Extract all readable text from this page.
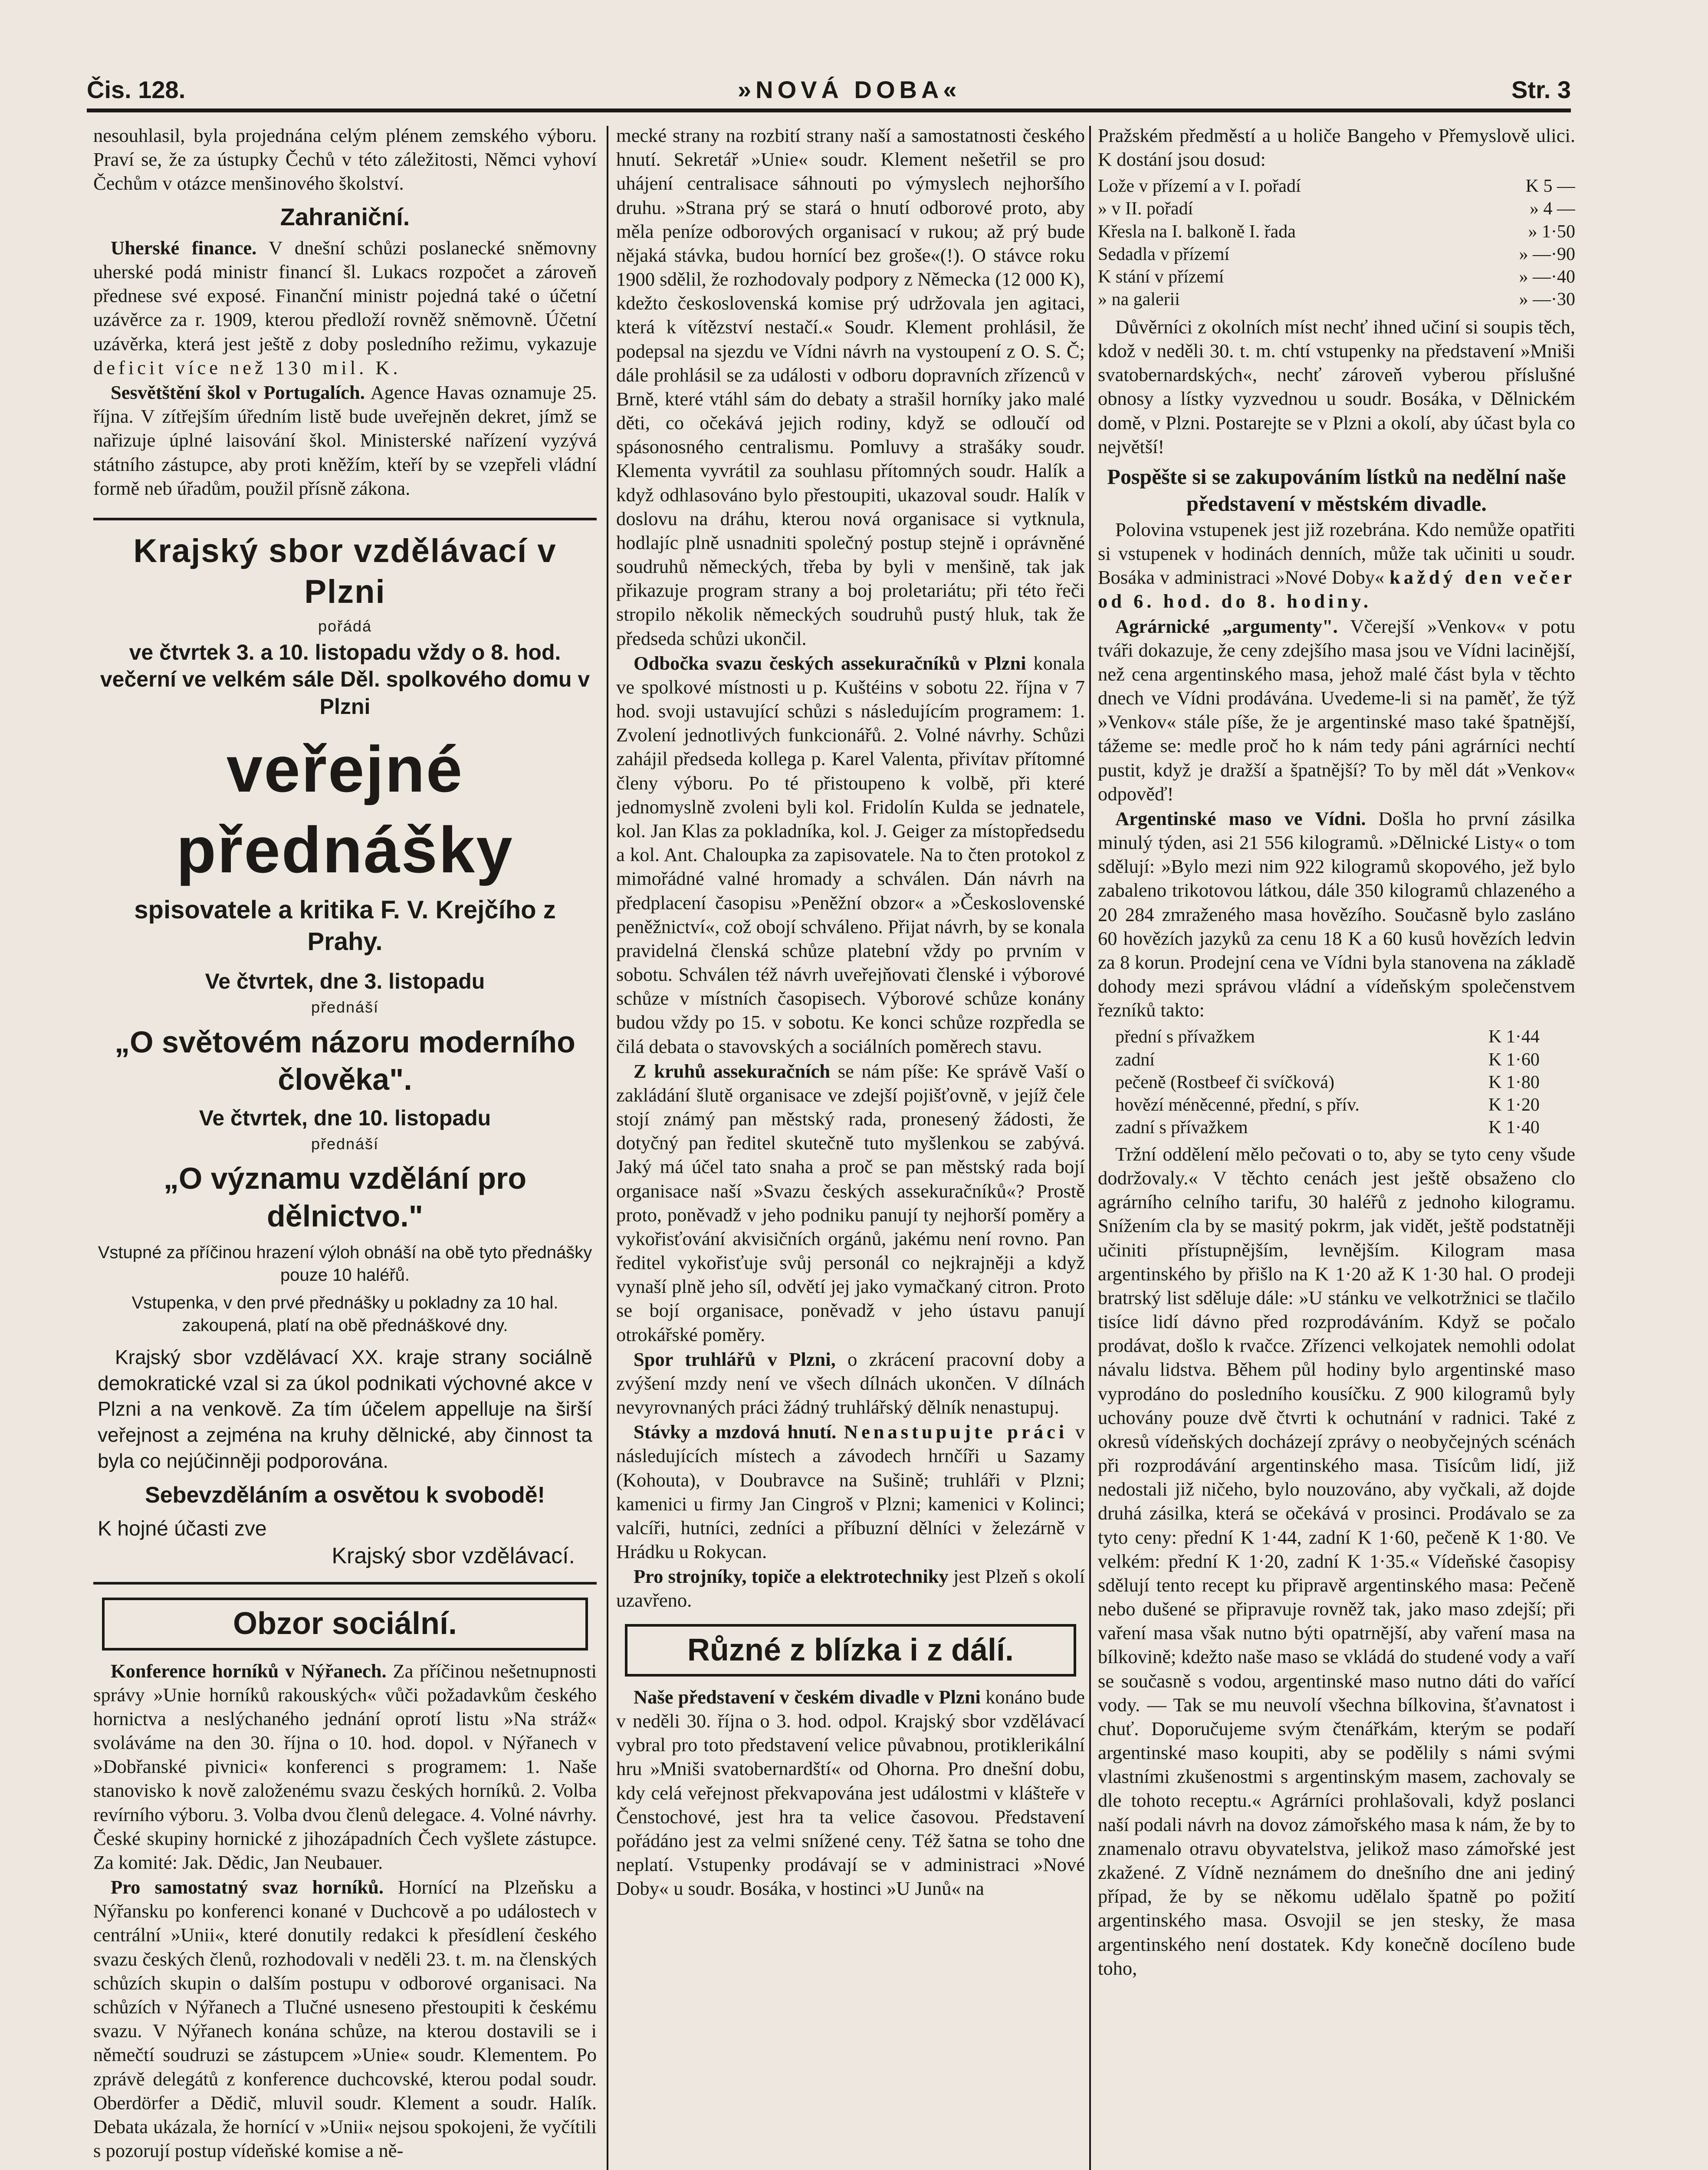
Čis. 128.	»NOVÁ DOBA«	Str. 3

nesouhlasil, byla projednána celým plénem zemského výboru. Praví se, že za ústupky Čechů v této záležitosti, Němci vyhoví Čechům v otázce menšinového školství.

Zahraniční.

Uherské finance. V dnešní schůzi poslanecké sněmovny uherské podá ministr financí šl. Lukacs rozpočet a zároveň přednese své exposé. Finanční ministr pojedná také o účetní uzávěrce za r. 1909, kterou předloží rovněž sněmovně. Účetní uzávěrka, která jest ještě z doby posledního režimu, vykazuje deficit více než 130 mil. K.

Sesvětštění škol v Portugalích. Agence Havas oznamuje 25. října. V zítřejším úředním listě bude uveřejněn dekret, jímž se nařizuje úplné laisování škol. Ministerské nařízení vyzývá státního zástupce, aby proti kněžím, kteří by se vzepřeli vládní formě neb úřadům, použil přísně zákona.

Krajský sbor vzdělávací v Plzni
pořádá
ve čtvrtek 3. a 10. listopadu vždy o 8. hod. večerní ve velkém sále Děl. spolkového domu v Plzni
veřejné přednášky
spisovatele a kritika F. V. Krejčího z Prahy.
Ve čtvrtek, dne 3. listopadu
přednáší
„O světovém názoru moderního člověka".
Ve čtvrtek, dne 10. listopadu
přednáší
„O významu vzdělání pro dělnictvo."
Vstupné za příčinou hrazení výloh obnáší na obě tyto přednášky pouze 10 haléřů.
Vstupenka, v den prvé přednášky u pokladny za 10 hal. zakoupená, platí na obě přednáškové dny.
Krajský sbor vzdělávací XX. kraje strany sociálně demokratické vzal si za úkol podnikati výchovné akce v Plzni a na venkově. Za tím účelem appelluje na širší veřejnost a zejména na kruhy dělnické, aby činnost ta byla co nejúčinněji podporována.
Sebevzděláním a osvětou k svobodě!
K hojné účasti zve
Krajský sbor vzdělávací.
Obzor sociální.

Konference horníků v Nýřanech. Za příčinou nešetnupnosti správy »Unie horníků rakouských« vůči požadavkům českého hornictva a neslýchaného jednání oprotí listu »Na stráž« svoláváme na den 30. října o 10. hod. dopol. v Nýřanech v »Dobřanské pivnici« konferenci s programem: 1. Naše stanovisko k nově založenému svazu českých horníků. 2. Volba revírního výboru. 3. Volba dvou členů delegace. 4. Volné návrhy. České skupiny hornické z jihozápadních Čech vyšlete zástupce. Za komité: Jak. Dědic, Jan Neubauer.

Pro samostatný svaz horníků. Hornící na Plzeňsku a Nýřansku po konferenci konané v Duchcově a po událostech v centrální »Unii«, které donutily redakci k přesídlení českého svazu českých členů, rozhodovali v neděli 23. t. m. na členských schůzích skupin o dalším postupu v odborové organisaci. Na schůzích v Nýřanech a Tlučné usneseno přestoupiti k českému svazu. V Nýřanech konána schůze, na kterou dostavili se i němečtí soudruzi se zástupcem »Unie« soudr. Klementem. Po zprávě delegátů z konference duchcovské, kterou podal soudr. Oberdörfer a Dědič, mluvil soudr. Klement a soudr. Halík. Debata ukázala, že hornící v »Unii« nejsou spokojeni, že vyčítili s pozorují postup vídeňské komise a ně-

mecké strany na rozbití strany naší a samostatnosti českého hnutí. Sekretář »Unie« soudr. Klement nešetřil se pro uhájení centralisace sáhnouti po výmyslech nejhoršího druhu. »Strana prý se stará o hnutí odborové proto, aby měla peníze odborových organisací v rukou; až prý bude nějaká stávka, budou hornící bez groše«(!). O stávce roku 1900 sdělil, že rozhodovaly podpory z Německa (12 000 K), kdežto československá komise prý udržovala jen agitaci, která k vítězství nestačí.« Soudr. Klement prohlásil, že podepsal na sjezdu ve Vídni návrh na vystoupení z O. S. Č; dále prohlásil se za události v odboru dopravních zřízenců v Brně, které vtáhl sám do debaty a strašil horníky jako malé děti, co očekává jejich rodiny, když se odloučí od spásonosného centralismu. Pomluvy a strašáky soudr. Klementa vyvrátil za souhlasu přítomných soudr. Halík a když odhlasováno bylo přestoupiti, ukazoval soudr. Halík v doslovu na dráhu, kterou nová organisace si vytknula, hodlajíc plně usnadniti společný postup stejně i oprávněné soudruhů německých, třeba by byli v menšině, tak jak přikazuje program strany a boj proletariátu; při této řeči stropilo několik německých soudruhů pustý hluk, tak že předseda schůzi ukončil.

Odbočka svazu českých assekuračníků v Plzni konala ve spolkové místnosti u p. Kuštéins v sobotu 22. října v 7 hod. svoji ustavující schůzi s následujícím programem: 1. Zvolení jednotlivých funkcionářů. 2. Volné návrhy. Schůzi zahájil předseda kollega p. Karel Valenta, přivítav přítomné členy výboru. Po té přistoupeno k volbě, při které jednomyslně zvoleni byli kol. Fridolín Kulda se jednatele, kol. Jan Klas za pokladníka, kol. J. Geiger za místopředsedu a kol. Ant. Chaloupka za zapisovatele. Na to čten protokol z mimořádné valné hromady a schválen. Dán návrh na předplacení časopisu »Peněžní obzor« a »Československé peněžnictví«, což obojí schváleno. Přijat návrh, by se konala pravidelná členská schůze platební vždy po prvním v sobotu. Schválen též návrh uveřejňovati členské i výborové schůze v místních časopisech. Výborové schůze konány budou vždy po 15. v sobotu. Ke konci schůze rozpředla se čilá debata o stavovských a sociálních poměrech stavu.

Z kruhů assekuračních se nám píše: Ke správě Vaší o zakládání šlutě organisace ve zdejší pojišťovně, v jejíž čele stojí známý pan městský rada, pronesený žádosti, že dotyčný pan ředitel skutečně tuto myšlenkou se zabývá. Jaký má účel tato snaha a proč se pan městský rada bojí organisace naší »Svazu českých assekuračníků«? Prostě proto, poněvadž v jeho podniku panují ty nejhorší poměry a vykořisťování akvisičních orgánů, jakému není rovno. Pan ředitel vykořisťuje svůj personál co nejkrajněji a když vynaší plně jeho síl, odvětí jej jako vymačkaný citron. Proto se bojí organisace, poněvadž v jeho ústavu panují otrokářské poměry.

Spor truhlářů v Plzni, o zkrácení pracovní doby a zvýšení mzdy není ve všech dílnách ukončen. V dílnách nevyrovnaných práci žádný truhlářský dělník nenastupuj.

Stávky a mzdová hnutí. Nenastupujte práci v následujících místech a závodech hrnčíři u Sazamy (Kohouta), v Doubravce na Sušině; truhláři v Plzni; kamenici u firmy Jan Cingroš v Plzni; kamenici v Kolinci; valcíři, hutníci, zedníci a příbuzní dělníci v železárně v Hrádku u Rokycan.

Pro strojníky, topiče a elektrotechniky jest Plzeň s okolí uzavřeno.

Různé z blízka i z dálí.

Naše představení v českém divadle v Plzni konáno bude v neděli 30. října o 3. hod. odpol. Krajský sbor vzdělávací vybral pro toto představení velice půvabnou, protiklerikální hru »Mniši svatobernardští« od Ohorna. Pro dnešní dobu, kdy celá veřejnost překvapována jest událostmi v klášteře v Čenstochové, jest hra ta velice časovou. Představení pořádáno jest za velmi snížené ceny. Též šatna se toho dne neplatí. Vstupenky prodávají se v administraci »Nové Doby« u soudr. Bosáka, v hostinci »U Junů« na

Pražském předměstí a u holiče Bangeho v Přemyslově ulici. K dostání jsou dosud:

Lože v přízemí a v I. pořadí	K 5 —
» v II. pořadí	» 4 —
Křesla na I. balkoně I. řada	» 1·50
Sedadla v přízemí	» —·90
K stání v přízemí	» —·40
» na galerii	» —·30

Důvěrníci z okolních míst nechť ihned učiní si soupis těch, kdož v neděli 30. t. m. chtí vstupenky na představení »Mniši svatobernardských«, nechť zároveň vyberou příslušné obnosy a lístky vyzvednou u soudr. Bosáka, v Dělnickém domě, v Plzni. Postarejte se v Plzni a okolí, aby účast byla co největší!

Pospěšte si se zakupováním lístků na nedělní naše představení v městském divadle.

Polovina vstupenek jest již rozebrána. Kdo nemůže opatřiti si vstupenek v hodinách denních, může tak učiniti u soudr. Bosáka v administraci »Nové Doby« každý den večer od 6. hod. do 8. hodiny.

Agrárnické „argumenty". Včerejší »Venkov« v potu tváři dokazuje, že ceny zdejšího masa jsou ve Vídni lacinější, než cena argentinského masa, jehož malé část byla v těchto dnech ve Vídni prodávána. Uvedeme-li si na paměť, že týž »Venkov« stále píše, že je argentinské maso také špatnější, tážeme se: medle proč ho k nám tedy páni agrárníci nechtí pustit, když je dražší a špatnější? To by měl dát »Venkov« odpověď!

Argentinské maso ve Vídni. Došla ho první zásilka minulý týden, asi 21 556 kilogramů. »Dělnické Listy« o tom sdělují: »Bylo mezi nim 922 kilogramů skopového, jež bylo zabaleno trikotovou látkou, dále 350 kilogramů chlazeného a 20 284 zmraženého masa hovězího. Současně bylo zasláno 60 hovězích jazyků za cenu 18 K a 60 kusů hovězích ledvin za 8 korun. Prodejní cena ve Vídni byla stanovena na základě dohody mezi správou vládní a vídeňským společenstvem řezníků takto:

přední s přívažkem	K 1·44
zadní	K 1·60
pečeně (Rostbeef či svíčková)	K 1·80
hovězí méněcenné, přední, s přív.	K 1·20
zadní s přívažkem	K 1·40

Tržní oddělení mělo pečovati o to, aby se tyto ceny všude dodržovaly.« V těchto cenách jest ještě obsaženo clo agrárního celního tarifu, 30 haléřů z jednoho kilogramu. Snížením cla by se masitý pokrm, jak vidět, ještě podstatněji učiniti přístupnějším, levnějším. Kilogram masa argentinského by přišlo na K 1·20 až K 1·30 hal. O prodeji bratrský list sděluje dále: »U stánku ve velkotržnici se tlačilo tisíce lidí dávno před rozprodáváním. Když se počalo prodávat, došlo k rvačce. Zřízenci velkojatek nemohli odolat návalu lidstva. Během půl hodiny bylo argentinské maso vyprodáno do posledního kousíčku. Z 900 kilogramů byly uchovány pouze dvě čtvrti k ochutnání v radnici. Také z okresů vídeňských docházejí zprávy o neobyčejných scénách při rozprodávání argentinského masa. Tisícům lidí, již nedostali již ničeho, bylo nouzováno, aby vyčkali, až dojde druhá zásilka, která se očekává v prosinci. Prodávalo se za tyto ceny: přední K 1·44, zadní K 1·60, pečeně K 1·80. Ve velkém: přední K 1·20, zadní K 1·35.« Vídeňské časopisy sdělují tento recept ku připravě argentinského masa: Pečeně nebo dušené se připravuje rovněž tak, jako maso zdejší; při vaření masa však nutno býti opatrnější, aby vaření masa na bílkovině; kdežto naše maso se vkládá do studené vody a vaří se současně s vodou, argentinské maso nutno dáti do vařící vody. — Tak se mu neuvolí všechna bílkovina, šťavnatost i chuť. Doporučujeme svým čtenářkám, kterým se podaří argentinské maso koupiti, aby se podělily s námi svými vlastními zkušenostmi s argentinským masem, zachovaly se dle tohoto receptu.« Agrárníci prohlašovali, když poslanci naší podali návrh na dovoz zámořského masa k nám, že by to znamenalo otravu obyvatelstva, jelikož maso zámořské jest zkažené. Z Vídně neznámem do dnešního dne ani jediný případ, že by se někomu udělalo špatně po požití argentinského masa. Osvojil se jen stesky, že masa argentinského není dostatek. Kdy konečně docíleno bude toho,
